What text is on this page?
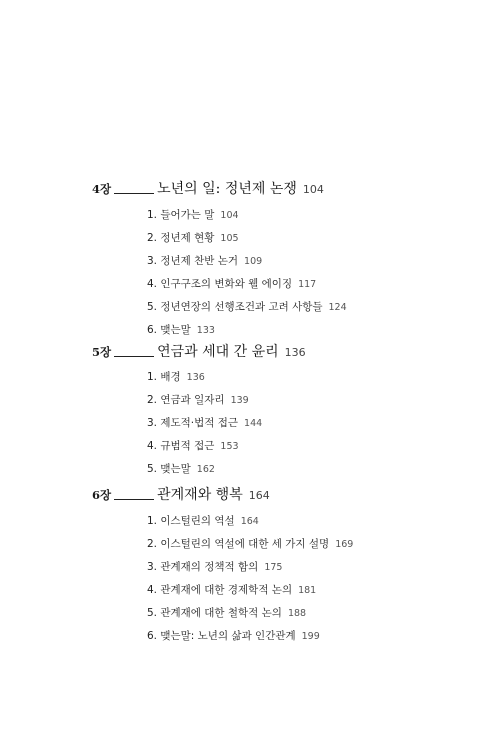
4장	노년의 일: 정년제 논쟁 104
1. 들어가는 말 104
2. 정년제 현황 105
3. 정년제 찬반 논거 109
4. 인구구조의 변화와 웰 에이징 117
5. 정년연장의 선행조건과 고려 사항들 124
6. 맺는말 133
5장	연금과 세대 간 윤리 136
1. 배경 136
2. 연금과 일자리 139
3. 제도적·법적 접근 144
4. 규범적 접근 153
5. 맺는말 162
6장	관계재와 행복 164
1. 이스털린의 역설 164
2. 이스털린의 역설에 대한 세 가지 설명 169
3. 관계재의 정책적 함의 175
4. 관계재에 대한 경제학적 논의 181
5. 관계재에 대한 철학적 논의 188
6. 맺는말: 노년의 삶과 인간관계 199
